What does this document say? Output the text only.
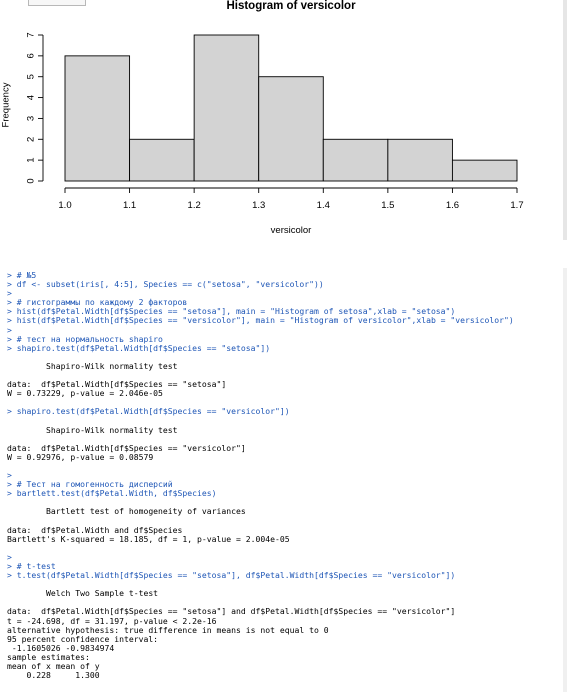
Histogram of versicolor
1.0	1.1	1.2	1.3	1.4	1.5	1.6	1.7
versicolor
0
1
2
3
4
5
6
7
Frequency
> # №5
> df <- subset(iris[, 4:5], Species == c("setosa", "versicolor"))
>
> # гистограммы по каждому 2 факторов
> hist(df$Petal.Width[df$Species == "setosa"], main = "Histogram of setosa",xlab = "setosa")
> hist(df$Petal.Width[df$Species == "versicolor"], main = "Histogram of versicolor",xlab = "versicolor")
>
> # тест на нормальность shapiro
> shapiro.test(df$Petal.Width[df$Species == "setosa"])
Shapiro-Wilk normality test
data:  df$Petal.Width[df$Species == "setosa"]
W = 0.73229, p-value = 2.046e-05
> shapiro.test(df$Petal.Width[df$Species == "versicolor"])
Shapiro-Wilk normality test
data:  df$Petal.Width[df$Species == "versicolor"]
W = 0.92976, p-value = 0.08579
>
> # Тест на гомогенность дисперсий
> bartlett.test(df$Petal.Width, df$Species)
Bartlett test of homogeneity of variances
data:  df$Petal.Width and df$Species
Bartlett's K-squared = 18.185, df = 1, p-value = 2.004e-05
>
> # t-test
> t.test(df$Petal.Width[df$Species == "setosa"], df$Petal.Width[df$Species == "versicolor"])
Welch Two Sample t-test
data:  df$Petal.Width[df$Species == "setosa"] and df$Petal.Width[df$Species == "versicolor"]
t = -24.698, df = 31.197, p-value < 2.2e-16
alternative hypothesis: true difference in means is not equal to 0
95 percent confidence interval:
-1.1605026 -0.9834974
sample estimates:
mean of x mean of y
0.228     1.300
